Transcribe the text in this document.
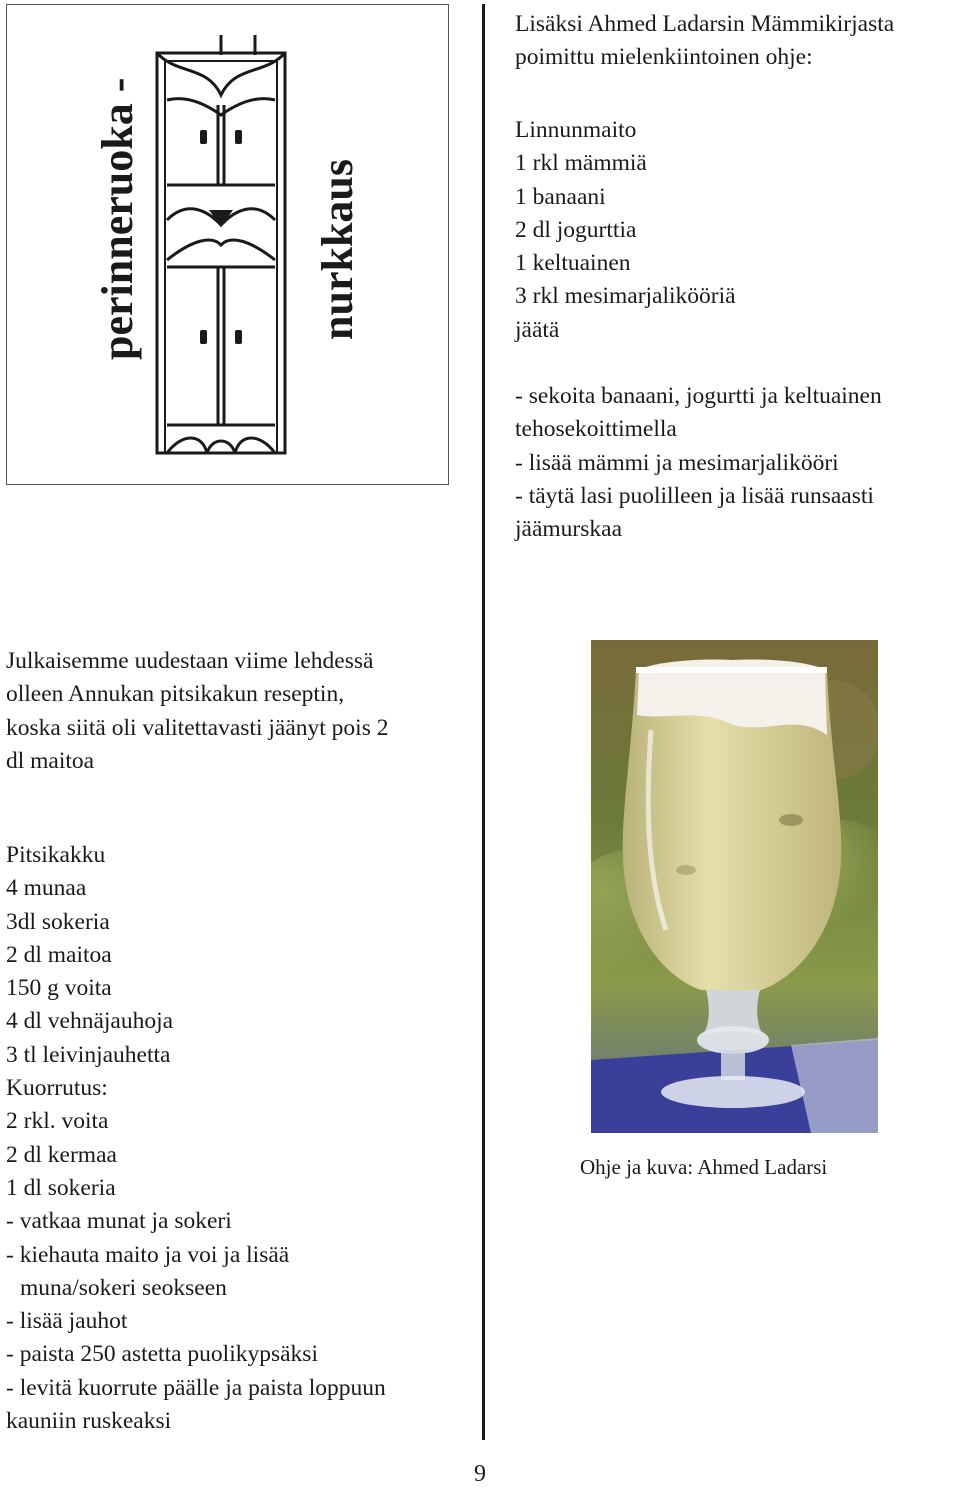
perinneruoka -	nurkkaus
Lisäksi Ahmed Ladarsin Mämmikirjasta
poimittu mielenkiintoinen ohje:
Linnunmaito
1 rkl mämmiä
1 banaani
2 dl jogurttia
1 keltuainen
3 rkl mesimarjalikööriä
jäätä
- sekoita banaani, jogurtti ja keltuainen
tehosekoittimella
- lisää mämmi ja mesimarjalikööri
- täytä lasi puolilleen ja lisää runsaasti
jäämurskaa
Julkaisemme uudestaan viime lehdessä
olleen Annukan pitsikakun reseptin,
koska siitä oli valitettavasti jäänyt pois 2
dl maitoa
Pitsikakku
4 munaa
3dl sokeria
2 dl maitoa
150 g voita
4 dl vehnäjauhoja
3 tl leivinjauhetta
Kuorrutus:
2 rkl. voita
2 dl kermaa
1 dl sokeria
- vatkaa munat ja sokeri
- kiehauta maito ja voi ja lisää
muna/sokeri seokseen
- lisää jauhot
- paista 250 astetta puolikypsäksi
- levitä kuorrute päälle ja paista loppuun
kauniin ruskeaksi
Ohje ja kuva: Ahmed Ladarsi
9
